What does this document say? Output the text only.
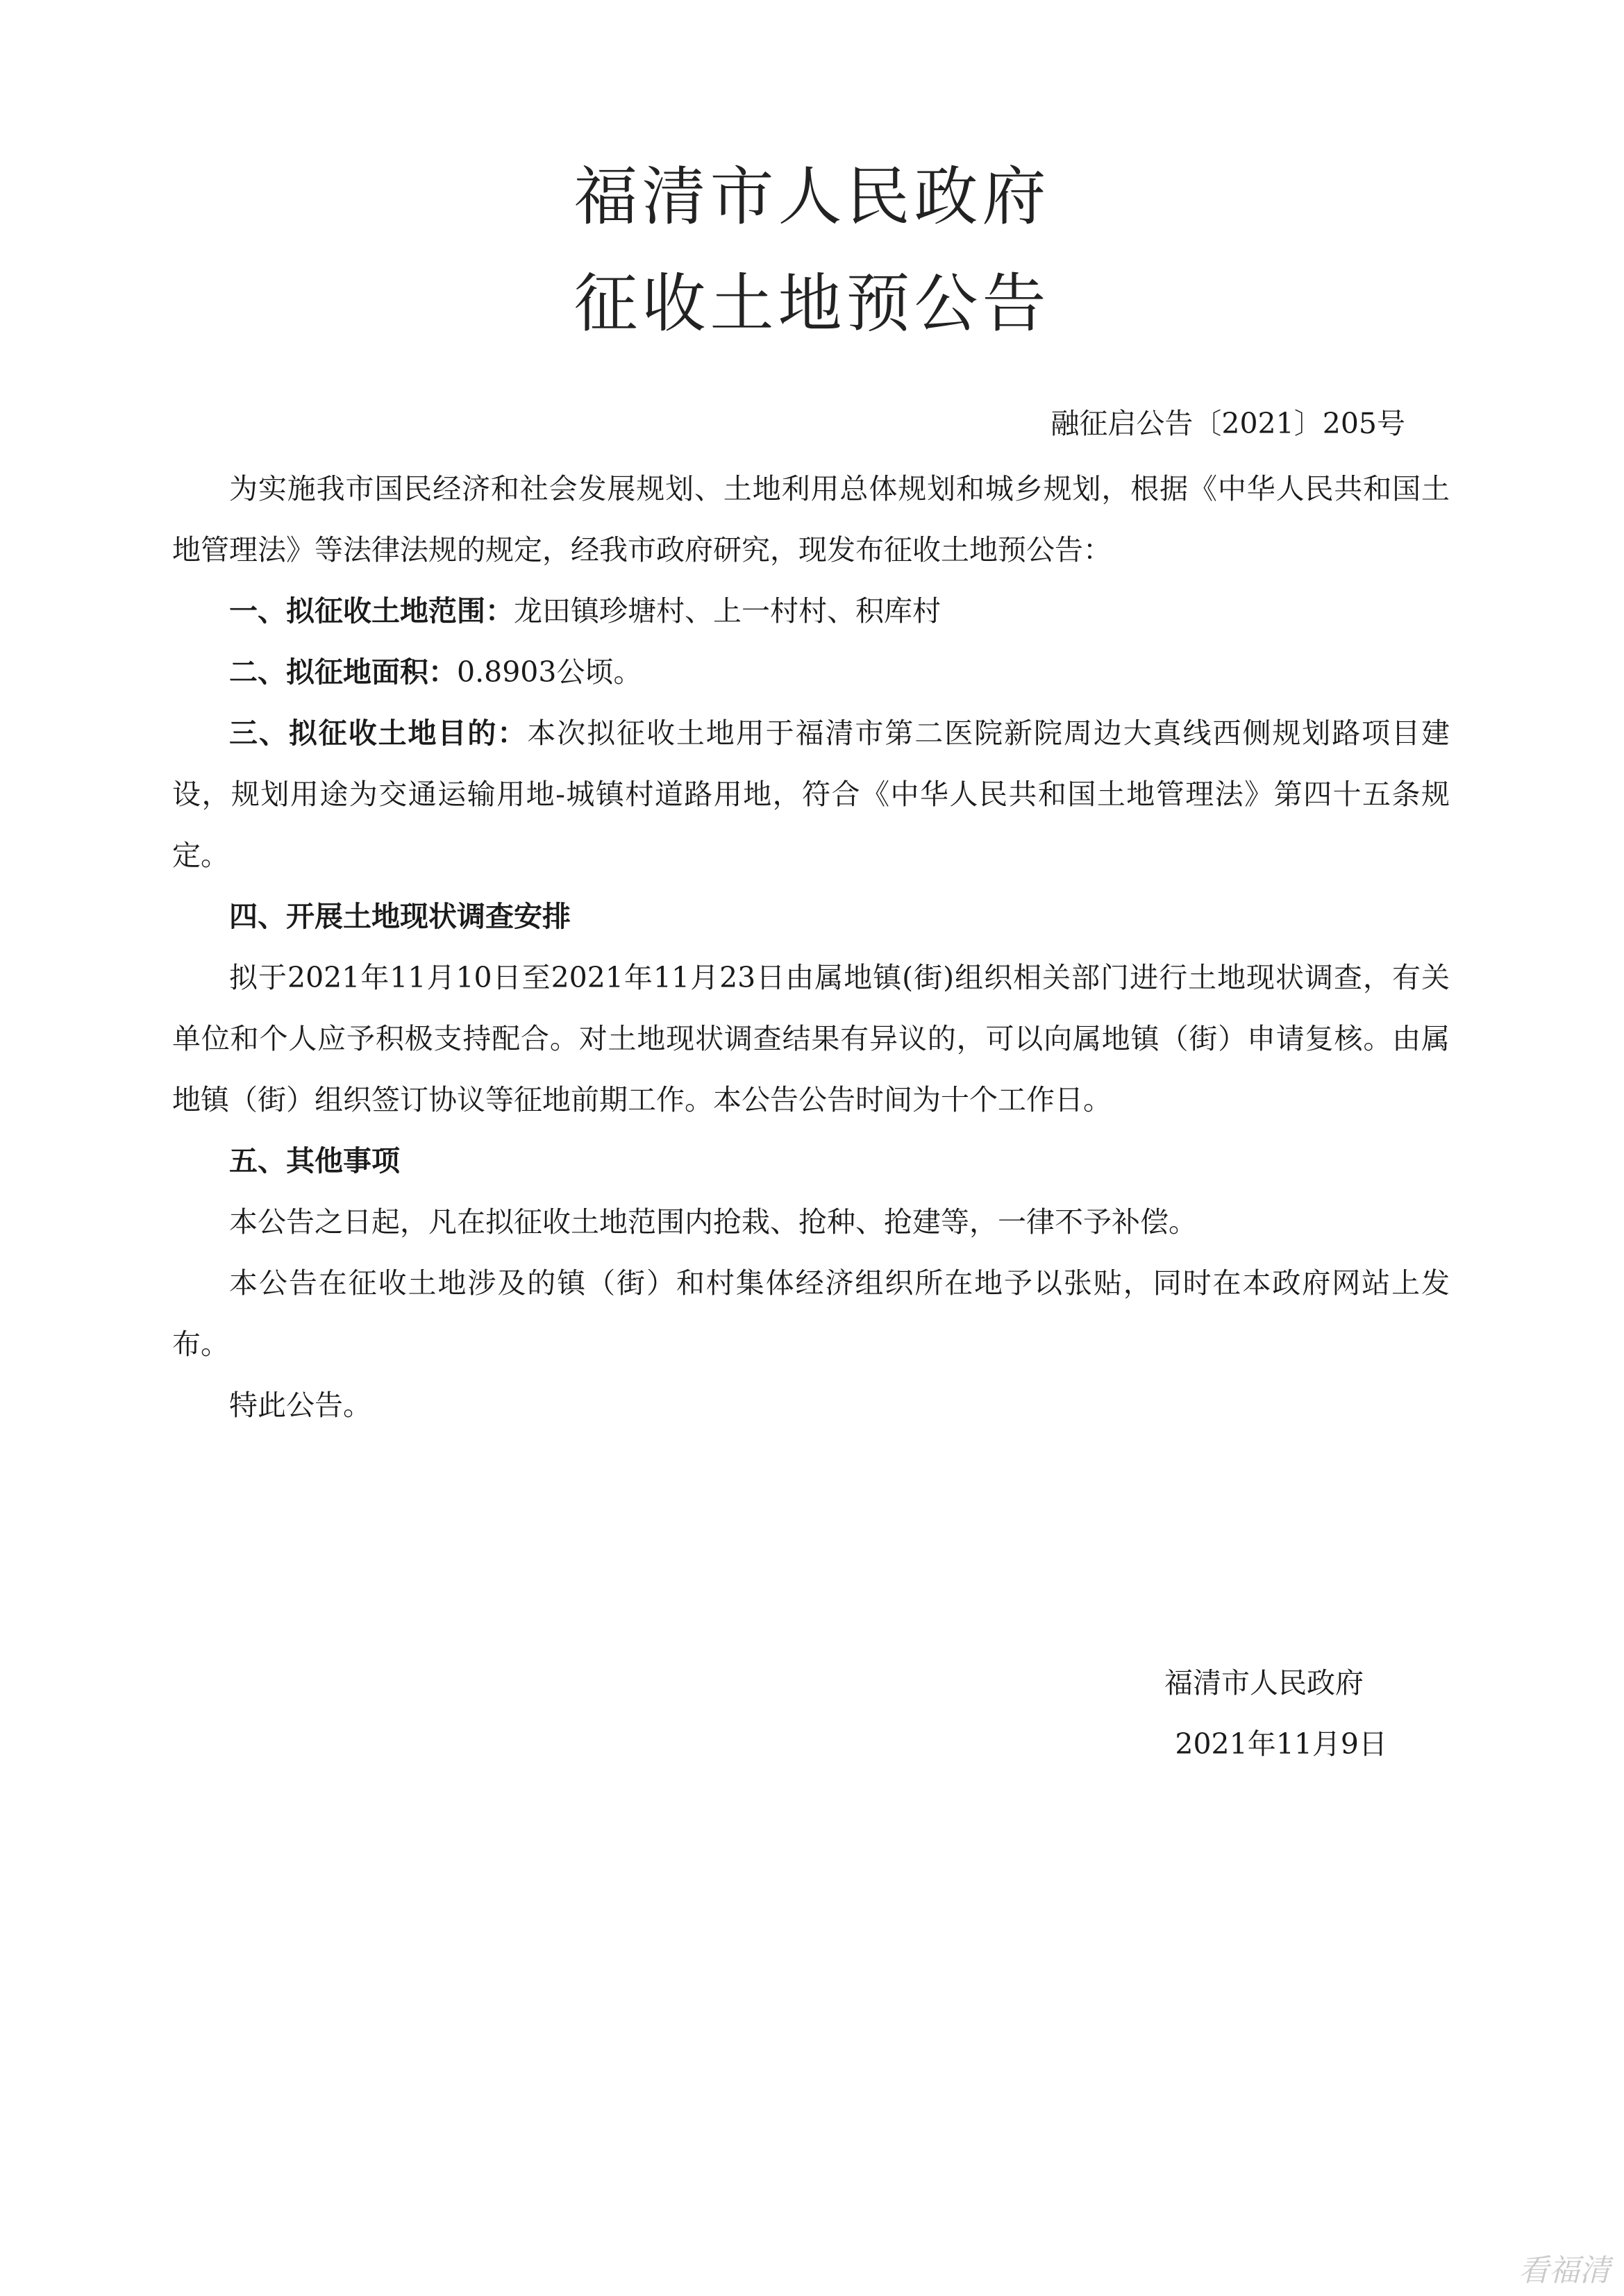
福清市人民政府
征收土地预公告
融征启公告〔2021〕205号

为实施我市国民经济和社会发展规划、土地利用总体规划和城乡规划，根据《中华人民共和国土地管理法》等法律法规的规定，经我市政府研究，现发布征收土地预公告：

一、拟征收土地范围：龙田镇珍塘村、上一村村、积库村

二、拟征地面积：0.8903公顷。

三、拟征收土地目的：本次拟征收土地用于福清市第二医院新院周边大真线西侧规划路项目建设，规划用途为交通运输用地-城镇村道路用地，符合《中华人民共和国土地管理法》第四十五条规定。

四、开展土地现状调查安排

拟于2021年11月10日至2021年11月23日由属地镇(街)组织相关部门进行土地现状调查，有关单位和个人应予积极支持配合。对土地现状调查结果有异议的，可以向属地镇（街）申请复核。由属地镇（街）组织签订协议等征地前期工作。本公告公告时间为十个工作日。

五、其他事项

本公告之日起，凡在拟征收土地范围内抢栽、抢种、抢建等，一律不予补偿。

本公告在征收土地涉及的镇（街）和村集体经济组织所在地予以张贴，同时在本政府网站上发布。

特此公告。

福清市人民政府
2021年11月9日
看福清
